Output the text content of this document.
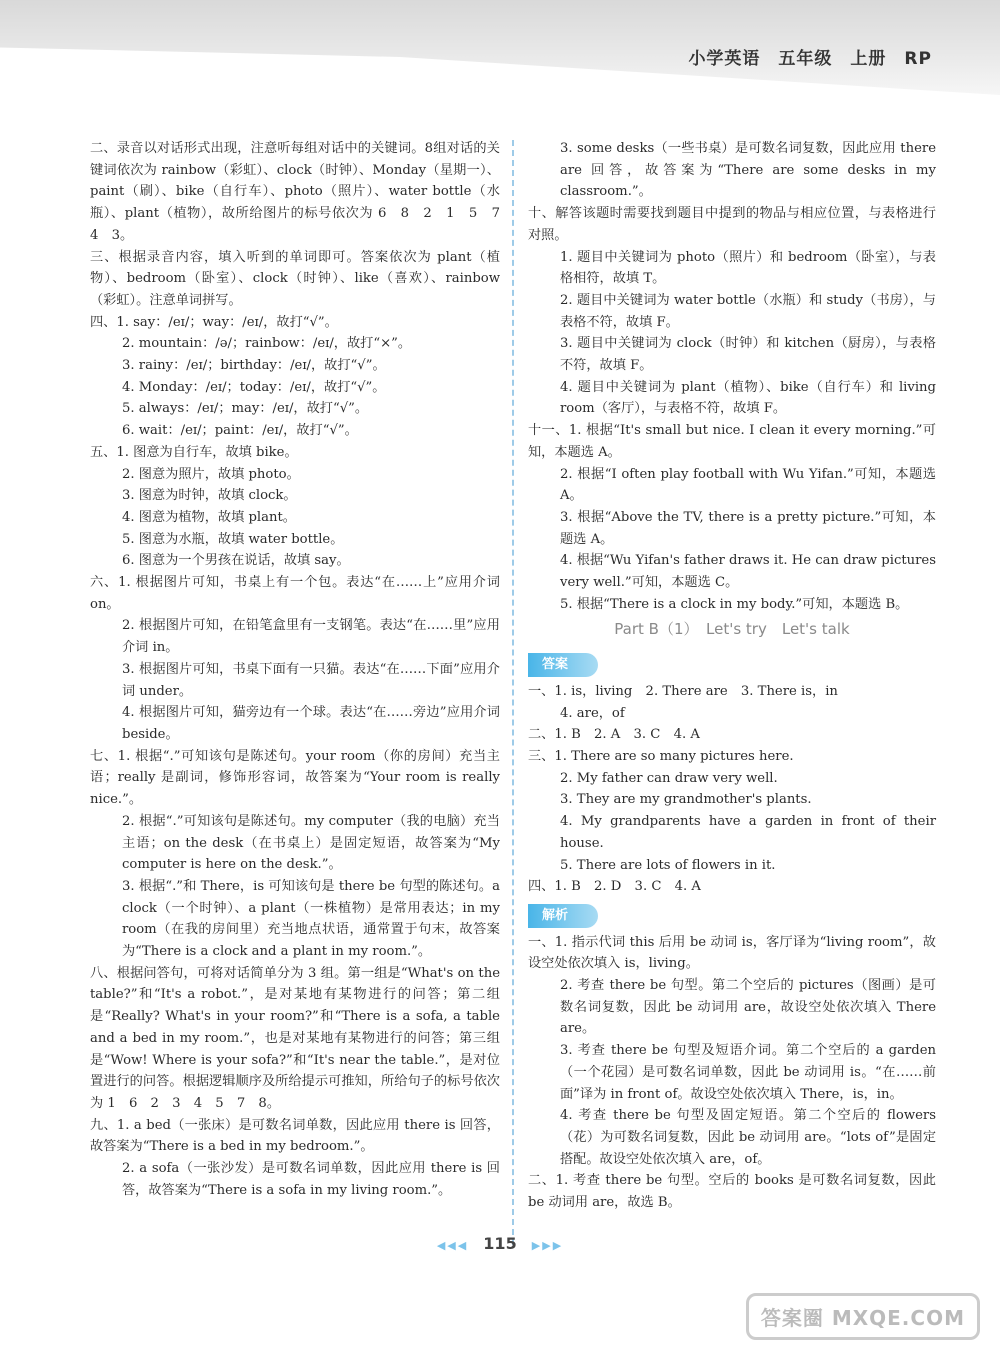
小学英语　五年级　上册　RP

二、录音以对话形式出现，注意听每组对话中的关键词。8组对话的关键词依次为 rainbow（彩虹）、clock（时钟）、Monday（星期一）、paint（刷）、bike（自行车）、photo（照片）、water bottle（水瓶）、plant（植物），故所给图片的标号依次为 6　8　2　1　5　7　4　3。

三、根据录音内容，填入听到的单词即可。答案依次为 plant（植物）、bedroom（卧室）、clock（时钟）、like（喜欢）、rainbow（彩虹）。注意单词拼写。

四、1. say：/eɪ/；way：/eɪ/，故打“√”。

2. mountain：/ə/；rainbow：/eɪ/，故打“×”。

3. rainy：/eɪ/；birthday：/eɪ/，故打“√”。

4. Monday：/eɪ/；today：/eɪ/，故打“√”。

5. always：/eɪ/；may：/eɪ/，故打“√”。

6. wait：/eɪ/；paint：/eɪ/，故打“√”。

五、1. 图意为自行车，故填 bike。

2. 图意为照片，故填 photo。

3. 图意为时钟，故填 clock。

4. 图意为植物，故填 plant。

5. 图意为水瓶，故填 water bottle。

6. 图意为一个男孩在说话，故填 say。

六、1. 根据图片可知，书桌上有一个包。表达“在……上”应用介词 on。

2. 根据图片可知，在铅笔盒里有一支钢笔。表达“在……里”应用介词 in。

3. 根据图片可知，书桌下面有一只猫。表达“在……下面”应用介词 under。

4. 根据图片可知，猫旁边有一个球。表达“在……旁边”应用介词 beside。

七、1. 根据“.”可知该句是陈述句。your room（你的房间）充当主语；really 是副词，修饰形容词，故答案为“Your room is really nice.”。

2. 根据“.”可知该句是陈述句。my computer（我的电脑）充当主语；on the desk（在书桌上）是固定短语，故答案为“My computer is here on the desk.”。

3. 根据“.”和 There，is 可知该句是 there be 句型的陈述句。a clock（一个时钟）、a plant（一株植物）是常用表达；in my room（在我的房间里）充当地点状语，通常置于句末，故答案为“There is a clock and a plant in my room.”。

八、根据问答句，可将对话简单分为 3 组。第一组是“What's on the table?”和“It's a robot.”，是对某地有某物进行的问答；第二组是“Really? What's in your room?”和“There is a sofa, a table and a bed in my room.”，也是对某地有某物进行的问答；第三组是“Wow! Where is your sofa?”和“It's near the table.”，是对位置进行的问答。根据逻辑顺序及所给提示可推知，所给句子的标号依次为 1　6　2　3　4　5　7　8。

九、1. a bed（一张床）是可数名词单数，因此应用 there is 回答，故答案为“There is a bed in my bedroom.”。

2. a sofa（一张沙发）是可数名词单数，因此应用 there is 回答，故答案为“There is a sofa in my living room.”。

3. some desks（一些书桌）是可数名词复数，因此应用 there are 回答，故答案为“There are some desks in my classroom.”。

十、解答该题时需要找到题目中提到的物品与相应位置，与表格进行对照。

1. 题目中关键词为 photo（照片）和 bedroom（卧室），与表格相符，故填 T。

2. 题目中关键词为 water bottle（水瓶）和 study（书房），与表格不符，故填 F。

3. 题目中关键词为 clock（时钟）和 kitchen（厨房），与表格不符，故填 F。

4. 题目中关键词为 plant（植物）、bike（自行车）和 living room（客厅），与表格不符，故填 F。

十一、1. 根据“It's small but nice. I clean it every morning.”可知，本题选 A。

2. 根据“I often play football with Wu Yifan.”可知，本题选 A。

3. 根据“Above the TV, there is a pretty picture.”可知，本题选 A。

4. 根据“Wu Yifan's father draws it. He can draw pictures very well.”可知，本题选 C。

5. 根据“There is a clock in my body.”可知，本题选 B。

Part B（1）　Let's try　Let's talk
答案

一、1. is，living　2. There are　3. There is，in

4. are，of

二、1. B　2. A　3. C　4. A

三、1. There are so many pictures here.

2. My father can draw very well.

3. They are my grandmother's plants.

4. My grandparents have a garden in front of their house.

5. There are lots of flowers in it.

四、1. B　2. D　3. C　4. A

解析

一、1. 指示代词 this 后用 be 动词 is，客厅译为“living room”，故设空处依次填入 is，living。

2. 考查 there be 句型。第二个空后的 pictures（图画）是可数名词复数，因此 be 动词用 are，故设空处依次填入 There are。

3. 考查 there be 句型及短语介词。第二个空后的 a garden（一个花园）是可数名词单数，因此 be 动词用 is。“在……前面”译为 in front of。故设空处依次填入 There，is，in。

4. 考查 there be 句型及固定短语。第二个空后的 flowers（花）为可数名词复数，因此 be 动词用 are。“lots of”是固定搭配。故设空处依次填入 are，of。

二、1. 考查 there be 句型。空后的 books 是可数名词复数，因此 be 动词用 are，故选 B。

◀◀◀ 115 ▶▶▶
答案圈 MXQE.COM
